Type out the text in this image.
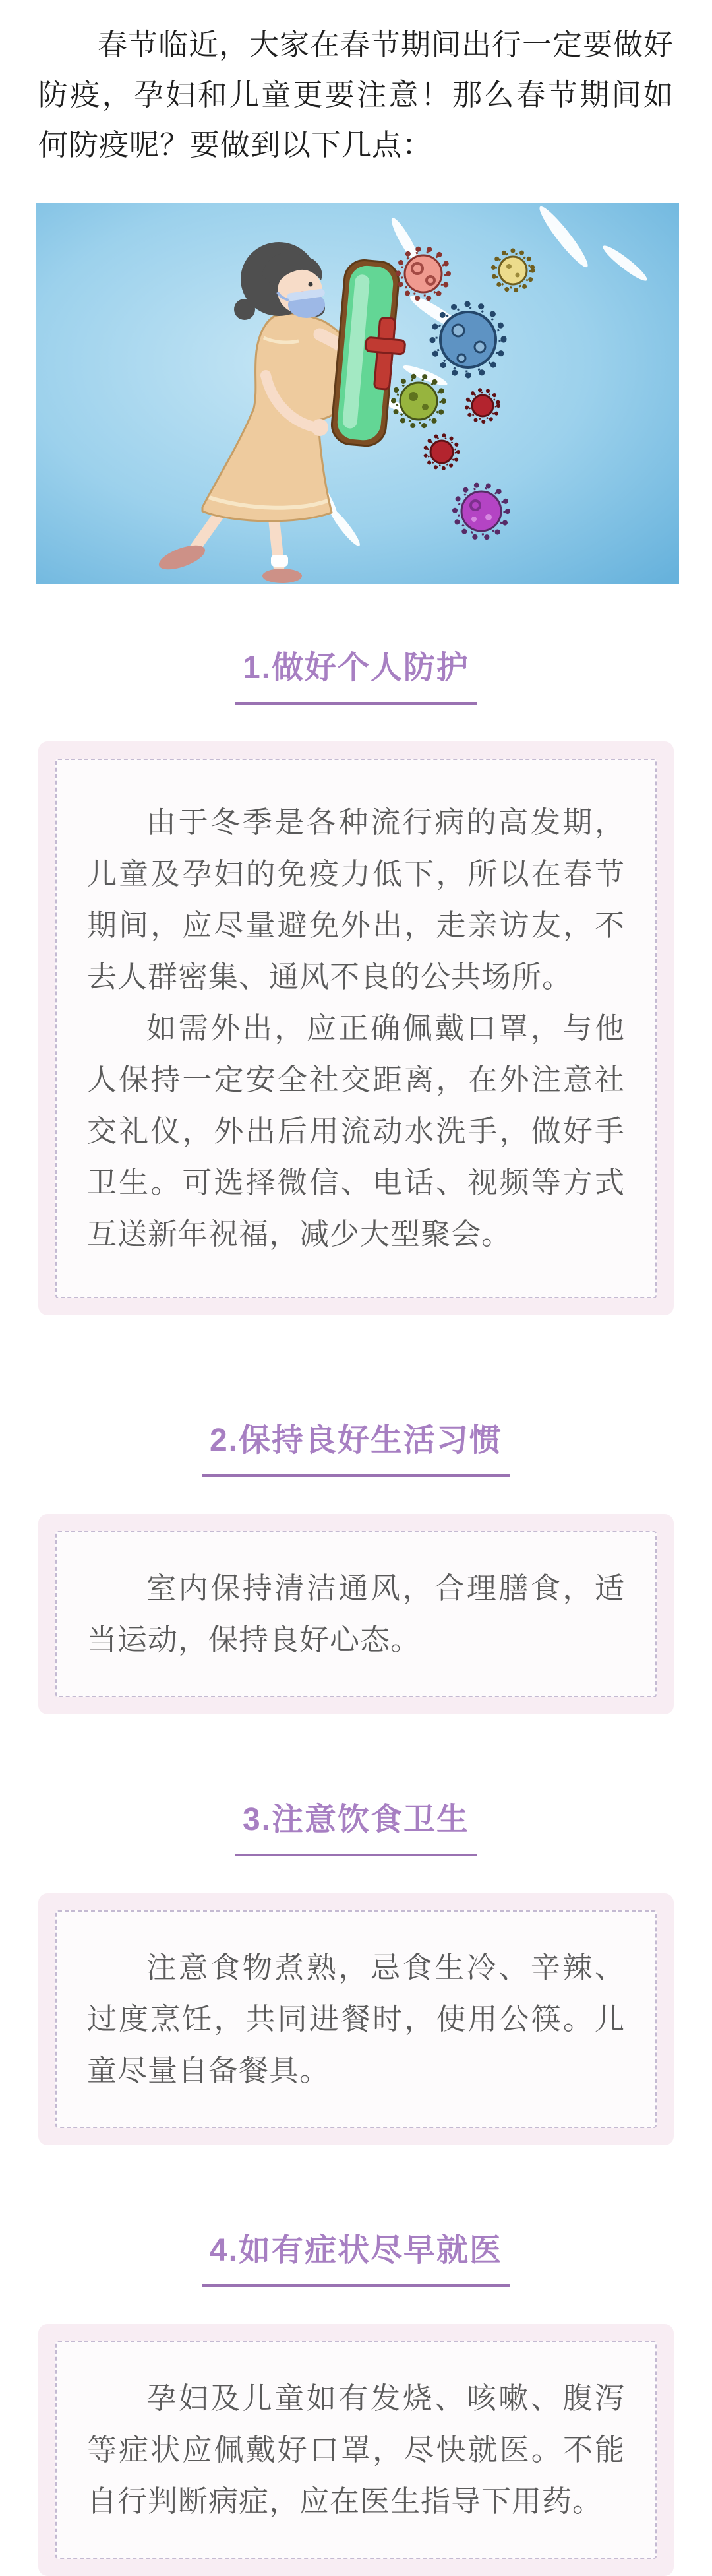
春节临近，大家在春节期间出行一定要做好防疫，孕妇和儿童更要注意！那么春节期间如何防疫呢？要做到以下几点：

1.做好个人防护

由于冬季是各种流行病的高发期，儿童及孕妇的免疫力低下，所以在春节期间，应尽量避免外出，走亲访友，不去人群密集、通风不良的公共场所。

如需外出，应正确佩戴口罩，与他人保持一定安全社交距离，在外注意社交礼仪，外出后用流动水洗手，做好手卫生。可选择微信、电话、视频等方式互送新年祝福，减少大型聚会。

2.保持良好生活习惯

室内保持清洁通风，合理膳食，适当运动，保持良好心态。

3.注意饮食卫生

注意食物煮熟，忌食生冷、辛辣、过度烹饪，共同进餐时，使用公筷。儿童尽量自备餐具。

4.如有症状尽早就医

孕妇及儿童如有发烧、咳嗽、腹泻等症状应佩戴好口罩，尽快就医。不能自行判断病症，应在医生指导下用药。
